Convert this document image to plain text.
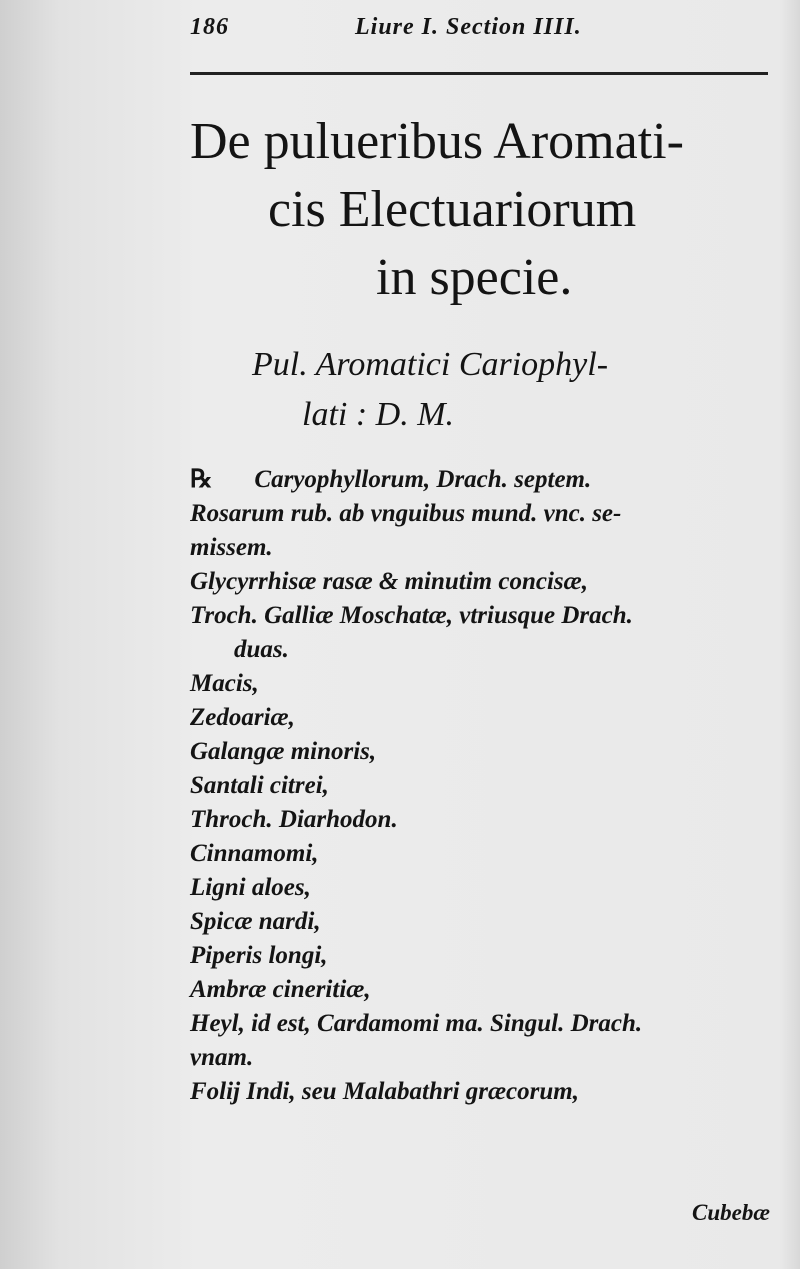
186	Liure I. Section IIII.
De pulueribus Aromati-
cis Electuariorum
in specie.
Pul. Aromatici Cariophyl-
lati : D. M.
℞ Caryophyllorum, Drach. septem.
Rosarum rub. ab vnguibus mund. vnc. se-
missem.
Glycyrrhisæ rasæ & minutim concisæ,
Troch. Galliæ Moschatæ, vtriusque Drach.
duas.
Macis,
Zedoariæ,
Galangæ minoris,
Santali citrei,
Throch. Diarhodon.
Cinnamomi,
Ligni aloes,
Spicæ nardi,
Piperis longi,
Ambræ cineritiæ,
Heyl, id est, Cardamomi ma. Singul. Drach.
vnam.
Folij Indi, seu Malabathri græcorum,
Cubebæ
